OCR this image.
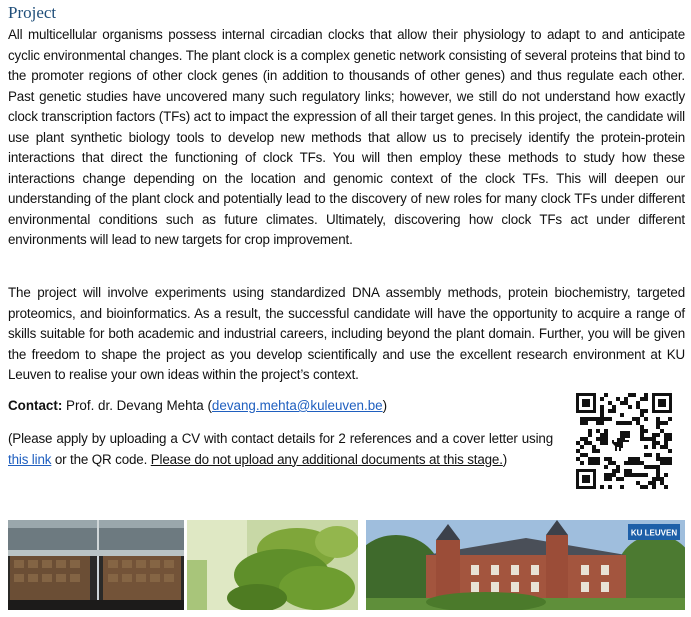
Project

All multicellular organisms possess internal circadian clocks that allow their physiology to adapt to and anticipate cyclic environmental changes. The plant clock is a complex genetic network consisting of several proteins that bind to the promoter regions of other clock genes (in addition to thousands of other genes) and thus regulate each other. Past genetic studies have uncovered many such regulatory links; however, we still do not understand how exactly clock transcription factors (TFs) act to impact the expression of all their target genes. In this project, the candidate will use plant synthetic biology tools to develop new methods that allow us to precisely identify the protein-protein interactions that direct the functioning of clock TFs. You will then employ these methods to study how these interactions change depending on the location and genomic context of the clock TFs. This will deepen our understanding of the plant clock and potentially lead to the discovery of new roles for many clock TFs under different environmental conditions such as future climates. Ultimately, discovering how clock TFs act under different environments will lead to new targets for crop improvement.

The project will involve experiments using standardized DNA assembly methods, protein biochemistry, targeted proteomics, and bioinformatics. As a result, the successful candidate will have the opportunity to acquire a range of skills suitable for both academic and industrial careers, including beyond the plant domain. Further, you will be given the freedom to shape the project as you develop scientifically and use the excellent research environment at KU Leuven to realise your own ideas within the project’s context.

Contact: Prof. dr. Devang Mehta (devang.mehta@kuleuven.be)
(Please apply by uploading a CV with contact details for 2 references and a cover letter using this link or the QR code. Please do not upload any additional documents at this stage.)
KU LEUVEN
